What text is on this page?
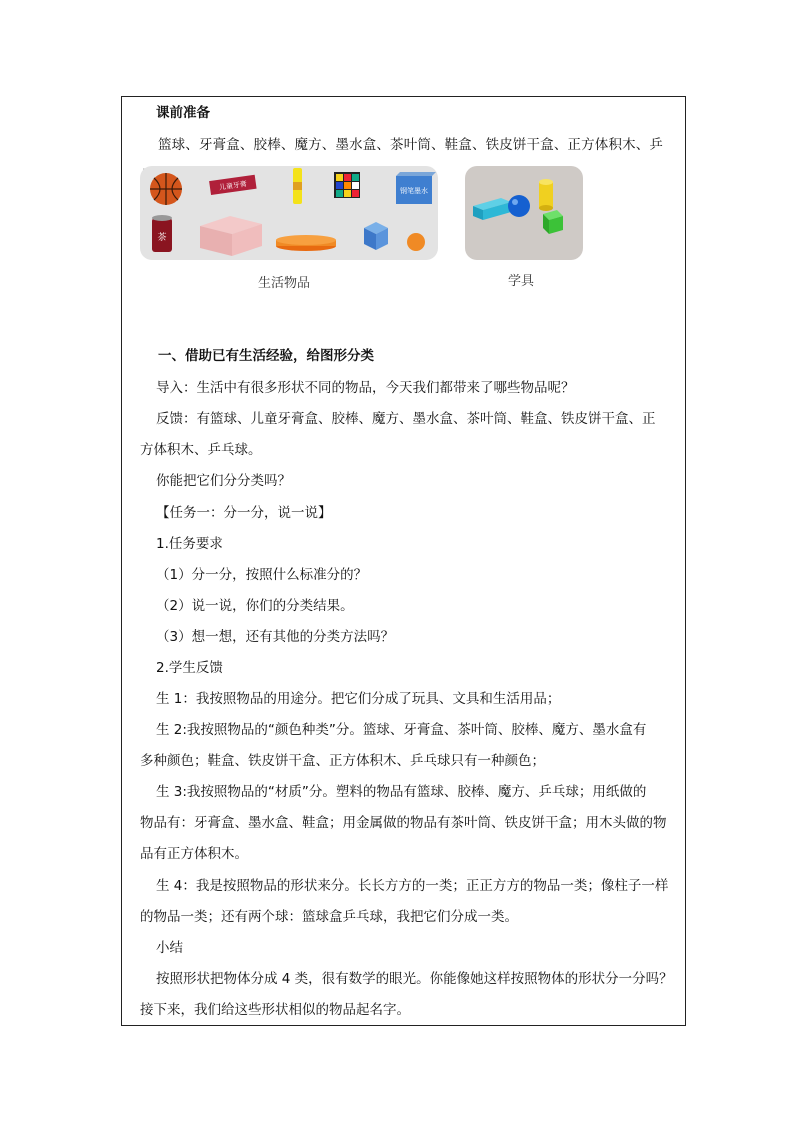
课前准备
篮球、牙膏盒、胶棒、魔方、墨水盒、茶叶筒、鞋盒、铁皮饼干盒、正方体积木、乒
儿童牙膏	钢笔墨水
茶
生活物品	学具
一、借助已有生活经验，给图形分类
导入：生活中有很多形状不同的物品，今天我们都带来了哪些物品呢？
反馈：有篮球、儿童牙膏盒、胶棒、魔方、墨水盒、茶叶筒、鞋盒、铁皮饼干盒、正
方体积木、乒乓球。
你能把它们分分类吗？
【任务一：分一分，说一说】
1.任务要求
（1）分一分，按照什么标准分的？
（2）说一说，你们的分类结果。
（3）想一想，还有其他的分类方法吗？
2.学生反馈
生 1：我按照物品的用途分。把它们分成了玩具、文具和生活用品；
生 2:我按照物品的“颜色种类”分。篮球、牙膏盒、茶叶筒、胶棒、魔方、墨水盒有
多种颜色；鞋盒、铁皮饼干盒、正方体积木、乒乓球只有一种颜色；
生 3:我按照物品的“材质”分。塑料的物品有篮球、胶棒、魔方、乒乓球；用纸做的
物品有：牙膏盒、墨水盒、鞋盒；用金属做的物品有茶叶筒、铁皮饼干盒；用木头做的物
品有正方体积木。
生 4：我是按照物品的形状来分。长长方方的一类；正正方方的物品一类；像柱子一样
的物品一类；还有两个球：篮球盒乒乓球，我把它们分成一类。
小结
按照形状把物体分成 4 类，很有数学的眼光。你能像她这样按照物体的形状分一分吗？
接下来，我们给这些形状相似的物品起名字。
